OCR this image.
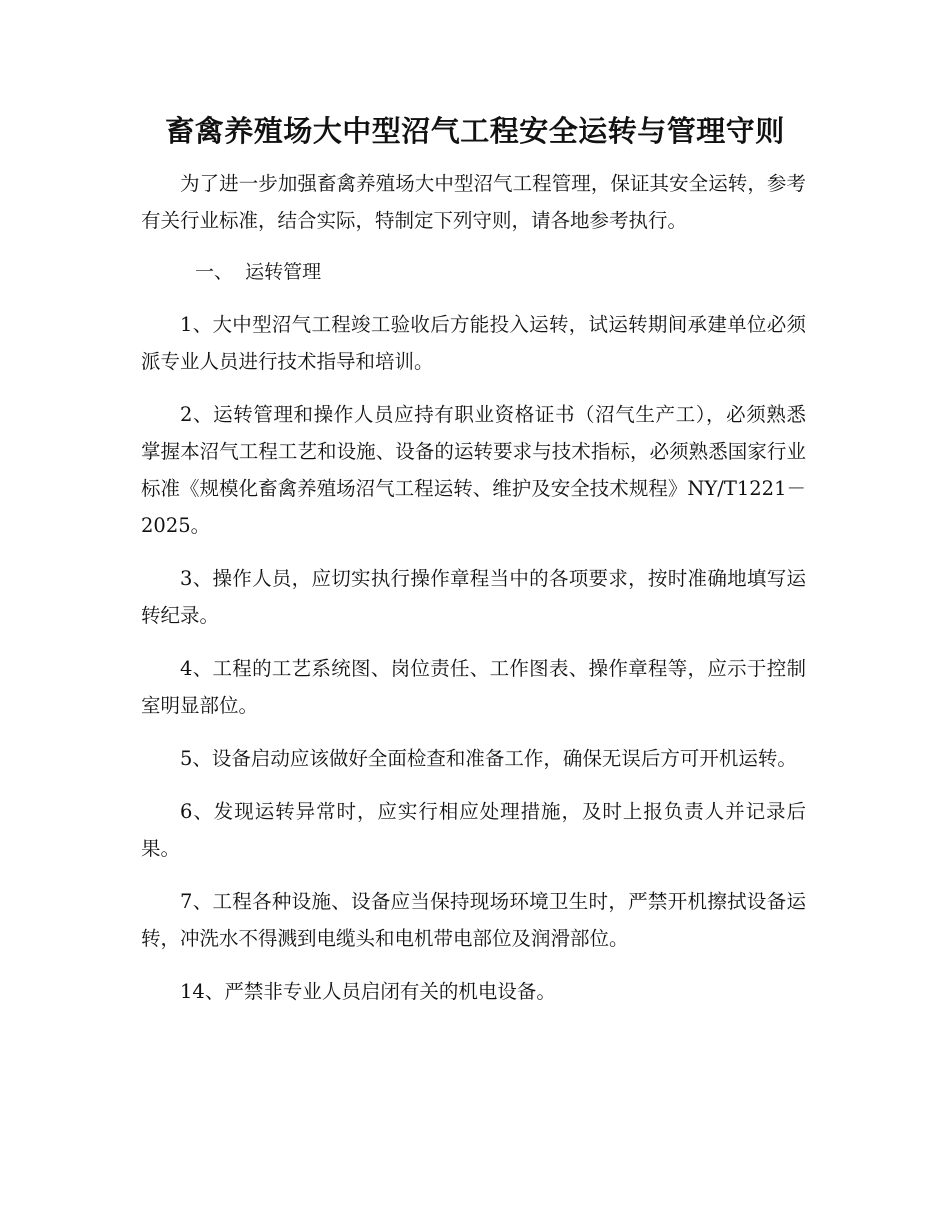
畜禽养殖场大中型沼气工程安全运转与管理守则

为了进一步加强畜禽养殖场大中型沼气工程管理，保证其安全运转，参考有关行业标准，结合实际，特制定下列守则，请各地参考执行。

一、  运转管理

1、大中型沼气工程竣工验收后方能投入运转，试运转期间承建单位必须派专业人员进行技术指导和培训。

2、运转管理和操作人员应持有职业资格证书（沼气生产工），必须熟悉掌握本沼气工程工艺和设施、设备的运转要求与技术指标，必须熟悉国家行业标准《规模化畜禽养殖场沼气工程运转、维护及安全技术规程》NY/T1221－2025。

3、操作人员，应切实执行操作章程当中的各项要求，按时准确地填写运转纪录。

4、工程的工艺系统图、岗位责任、工作图表、操作章程等，应示于控制室明显部位。

5、设备启动应该做好全面检查和准备工作，确保无误后方可开机运转。

6、发现运转异常时，应实行相应处理措施，及时上报负责人并记录后果。

7、工程各种设施、设备应当保持现场环境卫生时，严禁开机擦拭设备运转，冲洗水不得溅到电缆头和电机带电部位及润滑部位。

14、严禁非专业人员启闭有关的机电设备。
